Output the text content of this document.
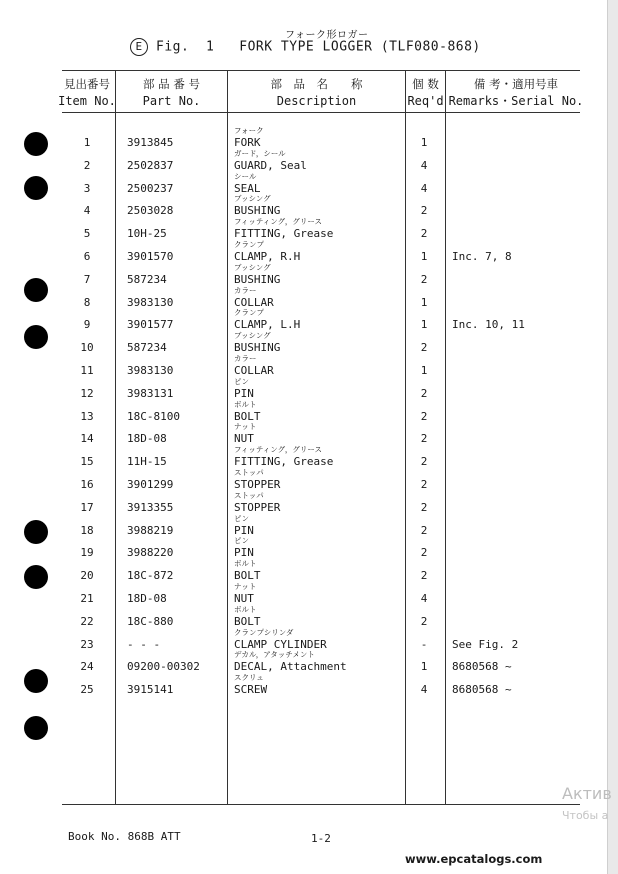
フォーク形ロガー
E Fig.  1 FORK TYPE LOGGER (TLF080-868)
見出番号
Item No.
部 品 番 号
Part No.
部　品　名　　称
Description
個 数
Req'd
備 考・適用号車
Remarks・Serial No.
1	3913845
フォーク
FORK	1
2	2502837
ガード，シール
GUARD, Seal	4
3	2500237
シール
SEAL	4
4	2503028
ブッシング
BUSHING	2
5	10H-25
フィッティング，グリース
FITTING, Grease	2
6	3901570
クランプ
CLAMP, R.H	1	Inc. 7, 8
7	587234
ブッシング
BUSHING	2
8	3983130
カラー
COLLAR	1
9	3901577
クランプ
CLAMP, L.H	1	Inc. 10, 11
10	587234
ブッシング
BUSHING	2
11	3983130
カラー
COLLAR	1
12	3983131
ピン
PIN	2
13	18C-8100
ボルト
BOLT	2
14	18D-08
ナット
NUT	2
15	11H-15
フィッティング，グリース
FITTING, Grease	2
16	3901299
ストッパ
STOPPER	2
17	3913355
ストッパ
STOPPER	2
18	3988219
ピン
PIN	2
19	3988220
ピン
PIN	2
20	18C-872
ボルト
BOLT	2
21	18D-08
ナット
NUT	4
22	18C-880
ボルト
BOLT	2
23	- - -
クランプシリンダ
CLAMP CYLINDER	-	See Fig. 2
24	09200-00302
デカル，アタッチメント
DECAL, Attachment	1	8680568 ~
25	3915141
スクリュ
SCREW	4	8680568 ~
Book No. 868B ATT	1-2
www.epcatalogs.com
Актив
Чтобы а
